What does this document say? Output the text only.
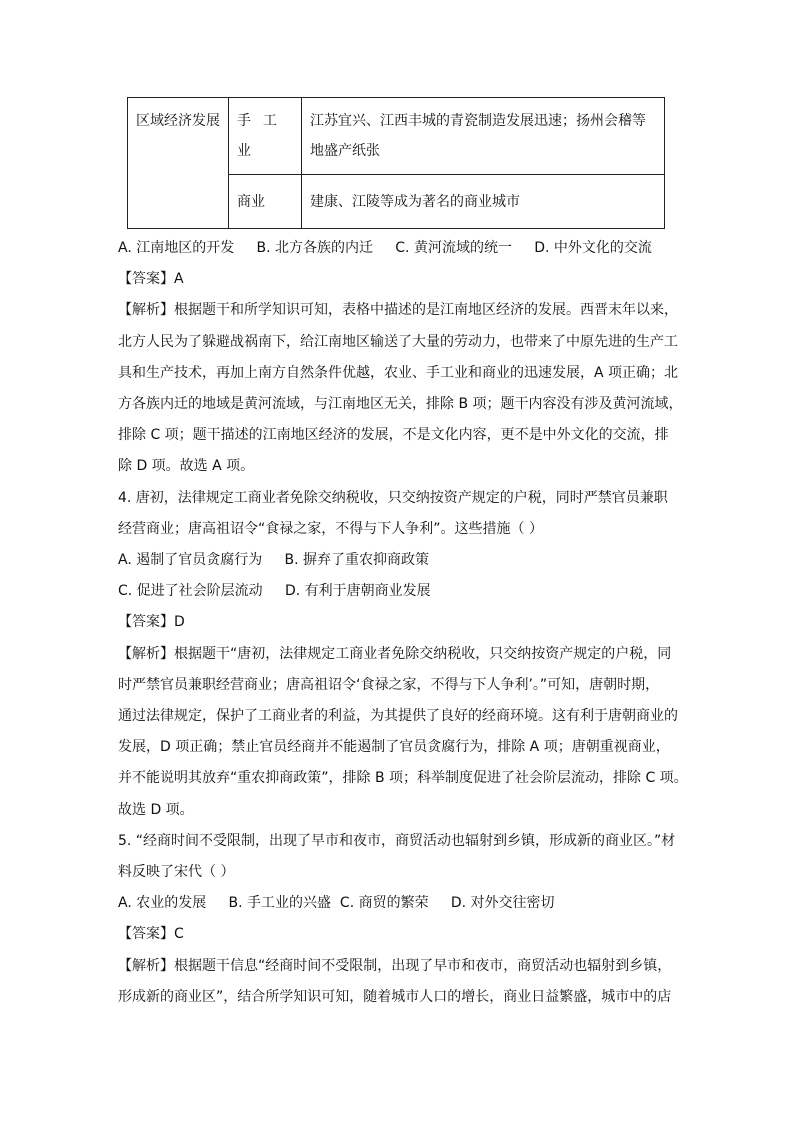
区域经济发展	手工业	江苏宜兴、江西丰城的青瓷制造发展迅速；扬州会稽等地盛产纸张
	商业	建康、江陵等成为著名的商业城市
A. 江南地区的开发 B. 北方各族的内迁 C. 黄河流域的统一 D. 中外文化的交流
【答案】A
【解析】根据题干和所学知识可知，表格中描述的是江南地区经济的发展。西晋末年以来，
北方人民为了躲避战祸南下，给江南地区输送了大量的劳动力，也带来了中原先进的生产工
具和生产技术，再加上南方自然条件优越，农业、手工业和商业的迅速发展，A 项正确；北
方各族内迁的地域是黄河流域，与江南地区无关，排除 B 项；题干内容没有涉及黄河流域，
排除 C 项；题干描述的江南地区经济的发展，不是文化内容，更不是中外文化的交流，排
除 D 项。故选 A 项。
4. 唐初，法律规定工商业者免除交纳税收，只交纳按资产规定的户税，同时严禁官员兼职
经营商业；唐高祖诏令“食禄之家，不得与下人争利”。这些措施（ ）
A. 遏制了官员贪腐行为 B. 摒弃了重农抑商政策
C. 促进了社会阶层流动 D. 有利于唐朝商业发展
【答案】D
【解析】根据题干“唐初，法律规定工商业者免除交纳税收，只交纳按资产规定的户税，同
时严禁官员兼职经营商业；唐高祖诏令‘食禄之家，不得与下人争利’。”可知，唐朝时期，
通过法律规定，保护了工商业者的利益，为其提供了良好的经商环境。这有利于唐朝商业的
发展，D 项正确；禁止官员经商并不能遏制了官员贪腐行为，排除 A 项；唐朝重视商业，
并不能说明其放弃“重农抑商政策”，排除 B 项；科举制度促进了社会阶层流动，排除 C 项。
故选 D 项。
5. “经商时间不受限制，出现了早市和夜市，商贸活动也辐射到乡镇，形成新的商业区。”材
料反映了宋代（ ）
A. 农业的发展 B. 手工业的兴盛 C. 商贸的繁荣 D. 对外交往密切
【答案】C
【解析】根据题干信息“经商时间不受限制，出现了早市和夜市，商贸活动也辐射到乡镇，
形成新的商业区”，结合所学知识可知，随着城市人口的增长，商业日益繁盛，城市中的店
